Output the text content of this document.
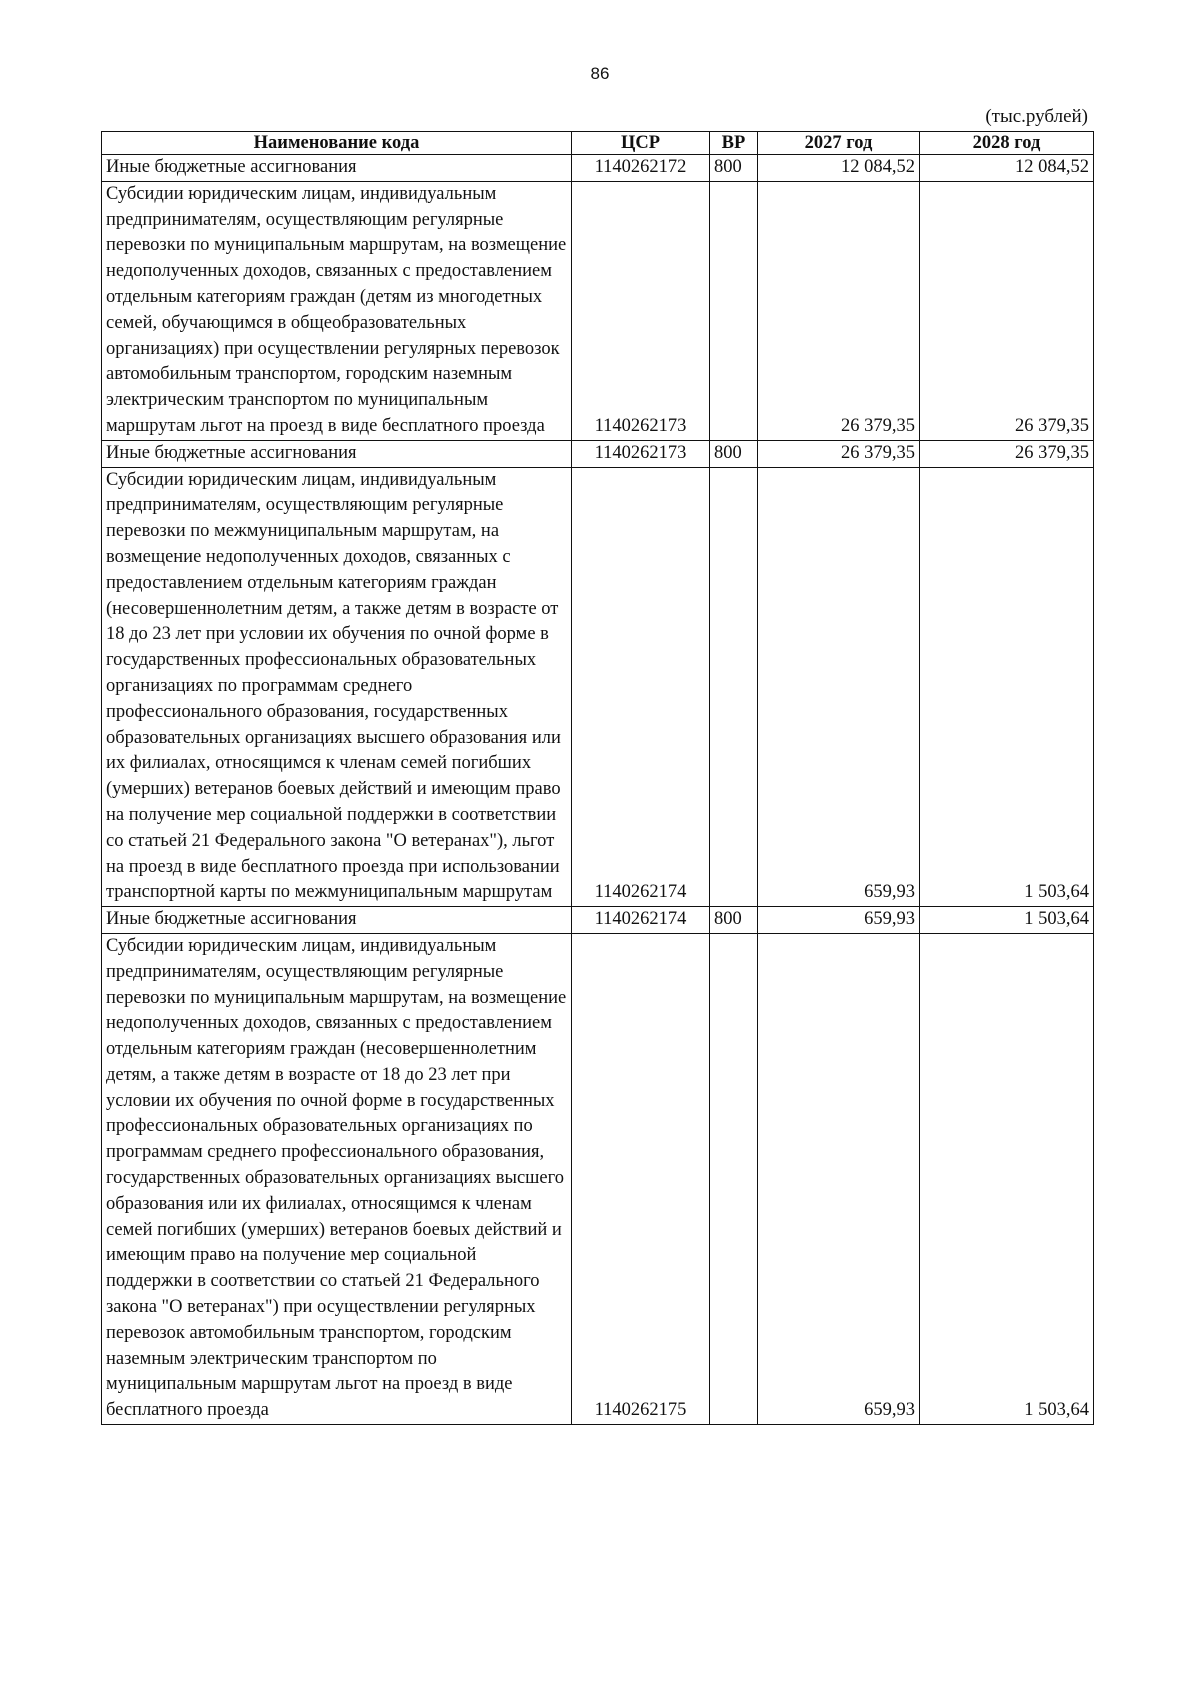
86
(тыс.рублей)
Наименование кода	ЦСР	ВР	2027 год	2028 год
Иные бюджетные ассигнования	1140262172	800	12 084,52	12 084,52
Субсидии юридическим лицам, индивидуальным предпринимателям, осуществляющим регулярные перевозки по муниципальным маршрутам, на возмещение недополученных доходов, связанных с предоставлением отдельным категориям граждан (детям из многодетных семей, обучающимся в общеобразовательных организациях) при осуществлении регулярных перевозок автомобильным транспортом, городским наземным электрическим транспортом по муниципальным маршрутам льгот на проезд в виде бесплатного проезда	1140262173		26 379,35	26 379,35
Иные бюджетные ассигнования	1140262173	800	26 379,35	26 379,35
Субсидии юридическим лицам, индивидуальным предпринимателям, осуществляющим регулярные перевозки по межмуниципальным маршрутам, на возмещение недополученных доходов, связанных с предоставлением отдельным категориям граждан (несовершеннолетним детям, а также детям в возрасте от 18 до 23 лет при условии их обучения по очной форме в государственных профессиональных образовательных организациях по программам среднего профессионального образования, государственных образовательных организациях высшего образования или их филиалах, относящимся к членам семей погибших (умерших) ветеранов боевых действий и имеющим право на получение мер социальной поддержки в соответствии со статьей 21 Федерального закона "О ветеранах"), льгот на проезд в виде бесплатного проезда при использовании транспортной карты по межмуниципальным маршрутам	1140262174		659,93	1 503,64
Иные бюджетные ассигнования	1140262174	800	659,93	1 503,64
Субсидии юридическим лицам, индивидуальным предпринимателям, осуществляющим регулярные перевозки по муниципальным маршрутам, на возмещение недополученных доходов, связанных с предоставлением отдельным категориям граждан (несовершеннолетним детям, а также детям в возрасте от 18 до 23 лет при условии их обучения по очной форме в государственных профессиональных образовательных организациях по программам среднего профессионального образования, государственных образовательных организациях высшего образования или их филиалах, относящимся к членам семей погибших (умерших) ветеранов боевых действий и имеющим право на получение мер социальной поддержки в соответствии со статьей 21 Федерального закона "О ветеранах") при осуществлении регулярных перевозок автомобильным транспортом, городским наземным электрическим транспортом по муниципальным маршрутам льгот на проезд в виде бесплатного проезда	1140262175		659,93	1 503,64
